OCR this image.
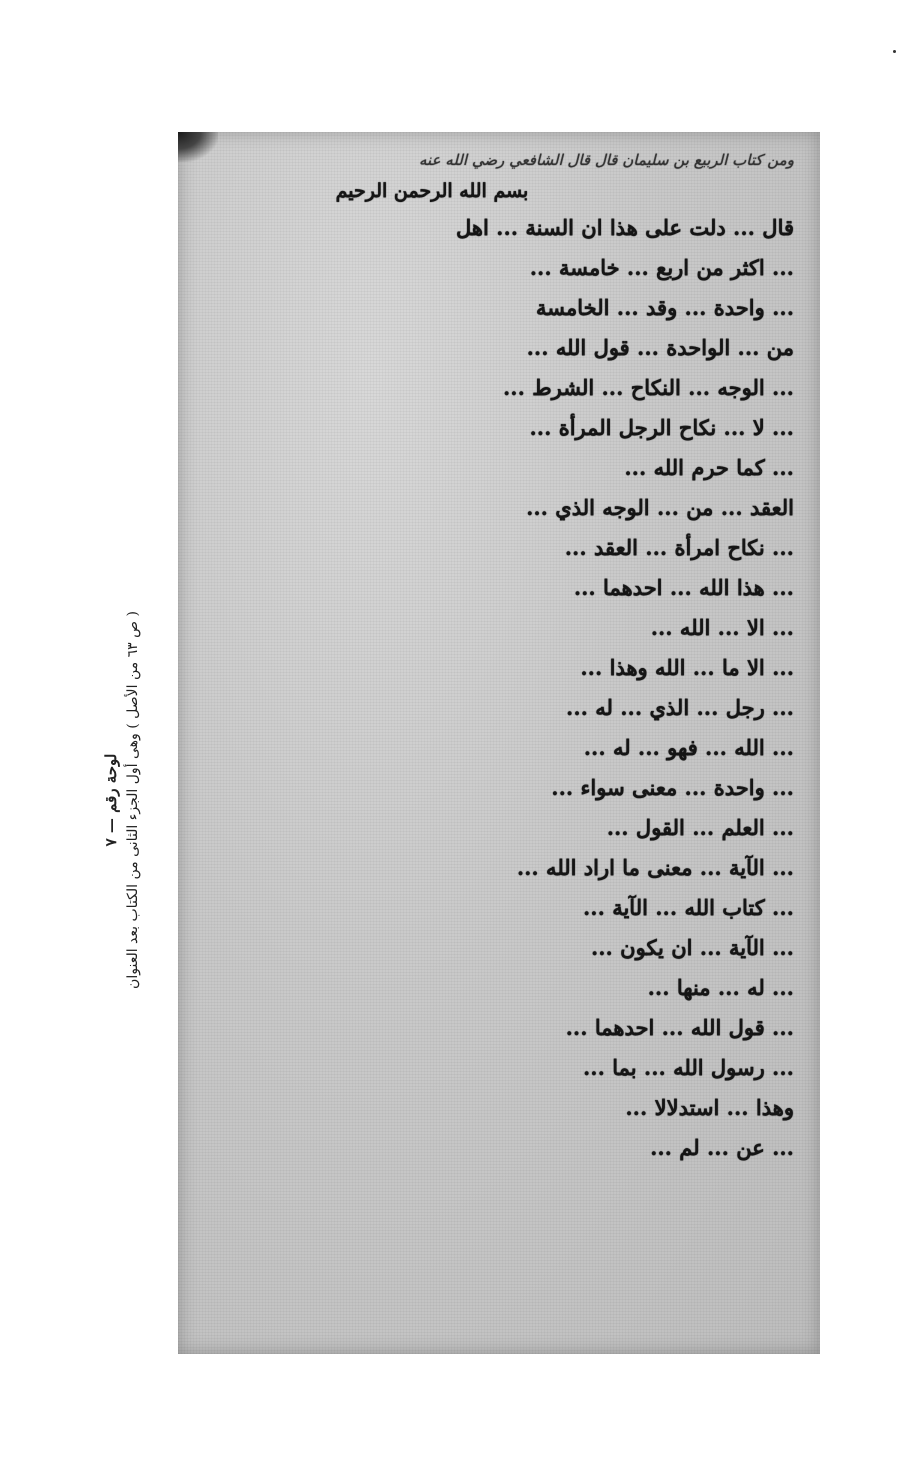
لوحة رقم — ٧ ( ص ٦٣ من الأصل ) وهى أول الجزء الثانى من الكتاب بعد العنوان
ومن كتاب الربيع بن سليمان قال قال الشافعي رضي الله عنه
بسم الله الرحمن الرحيم
قال ... دلت على هذا ان السنة ... اهل
... اكثر من اربع ... خامسة ...
... واحدة ... وقد ... الخامسة
من ... الواحدة ... قول الله ...
... الوجه ... النكاح ... الشرط ...
... لا ... نكاح الرجل المرأة ...
... كما حرم الله ...
العقد ... من ... الوجه الذي ...
... نكاح امرأة ... العقد ...
... هذا الله ... احدهما ...
... الا ... الله ...
... الا ما ... الله وهذا ...
... رجل ... الذي ... له ...
... الله ... فهو ... له ...
... واحدة ... معنى سواء ...
... العلم ... القول ...
... الآية ... معنى ما اراد الله ...
... كتاب الله ... الآية ...
... الآية ... ان يكون ...
... له ... منها ...
... قول الله ... احدهما ...
... رسول الله ... بما ...
وهذا ... استدلالا ...
... عن ... لم ...
